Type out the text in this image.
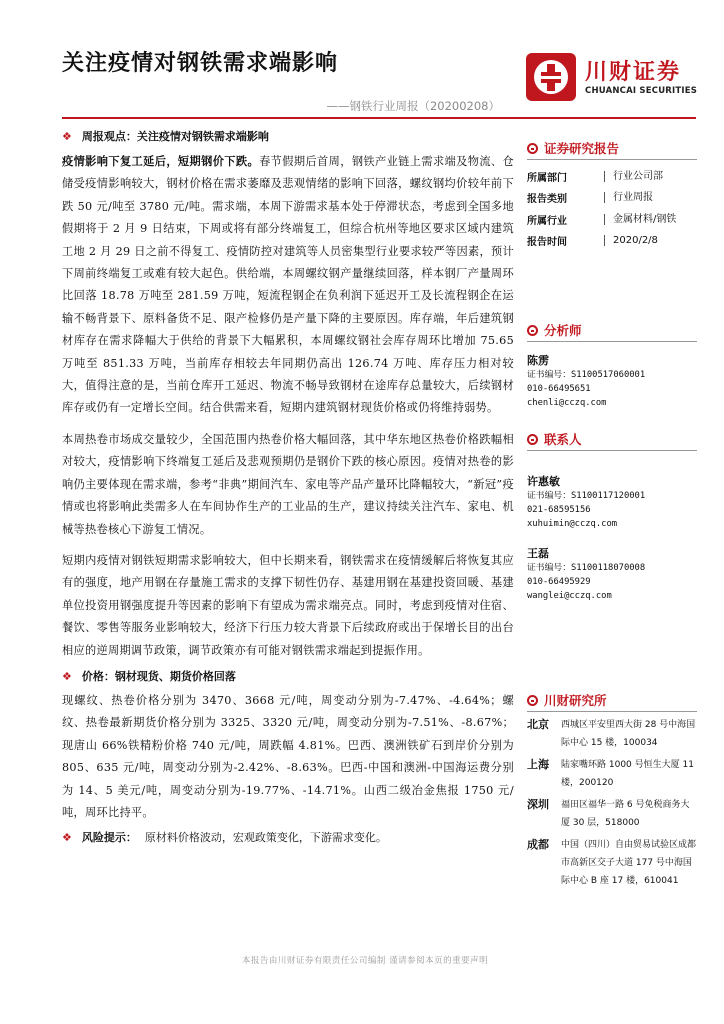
关注疫情对钢铁需求端影响
——钢铁行业周报（20200208）
川财证券
CHUANCAI SECURITIES
❖ 周报观点：关注疫情对钢铁需求端影响

疫情影响下复工延后，短期钢价下跌。春节假期后首周，钢铁产业链上需求端及物流、仓储受疫情影响较大，钢材价格在需求萎靡及悲观情绪的影响下回落，螺纹钢均价较年前下跌 50 元/吨至 3780 元/吨。需求端，本周下游需求基本处于停滞状态，考虑到全国多地假期将于 2 月 9 日结束，下周或将有部分终端复工，但综合杭州等地区要求区域内建筑工地 2 月 29 日之前不得复工、疫情防控对建筑等人员密集型行业要求较严等因素，预计下周前终端复工或难有较大起色。供给端，本周螺纹钢产量继续回落，样本钢厂产量周环比回落 18.78 万吨至 281.59 万吨，短流程钢企在负利润下延迟开工及长流程钢企在运输不畅背景下、原料备货不足、限产检修仍是产量下降的主要原因。库存端，年后建筑钢材库存在需求降幅大于供给的背景下大幅累积，本周螺纹钢社会库存周环比增加 75.65 万吨至 851.33 万吨，当前库存相较去年同期仍高出 126.74 万吨、库存压力相对较大，值得注意的是，当前仓库开工延迟、物流不畅导致钢材在途库存总量较大，后续钢材库存或仍有一定增长空间。结合供需来看，短期内建筑钢材现货价格或仍将维持弱势。

本周热卷市场成交量较少，全国范围内热卷价格大幅回落，其中华东地区热卷价格跌幅相对较大，疫情影响下终端复工延后及悲观预期仍是钢价下跌的核心原因。疫情对热卷的影响仍主要体现在需求端，参考“非典”期间汽车、家电等产品产量环比降幅较大，“新冠”疫情或也将影响此类需多人在车间协作生产的工业品的生产，建议持续关注汽车、家电、机械等热卷核心下游复工情况。

短期内疫情对钢铁短期需求影响较大，但中长期来看，钢铁需求在疫情缓解后将恢复其应有的强度，地产用钢在存量施工需求的支撑下韧性仍存、基建用钢在基建投资回暖、基建单位投资用钢强度提升等因素的影响下有望成为需求端亮点。同时，考虑到疫情对住宿、餐饮、零售等服务业影响较大，经济下行压力较大背景下后续政府或出于保增长目的出台相应的逆周期调节政策，调节政策亦有可能对钢铁需求端起到提振作用。

❖ 价格：钢材现货、期货价格回落

现螺纹、热卷价格分别为 3470、3668 元/吨，周变动分别为-7.47%、-4.64%；螺纹、热卷最新期货价格分别为 3325、3320 元/吨，周变动分别为-7.51%、-8.67%；现唐山 66%铁精粉价格 740 元/吨，周跌幅 4.81%。巴西、澳洲铁矿石到岸价分别为 805、635 元/吨，周变动分别为-2.42%、-8.63%。巴西-中国和澳洲-中国海运费分别为 14、5 美元/吨，周变动分别为-19.77%、-14.71%。山西二级冶金焦报 1750 元/吨，周环比持平。

❖ 风险提示： 原材料价格波动，宏观政策变化，下游需求变化。
证券研究报告
所属部门	行业公司部
报告类别	行业周报
所属行业	金属材料/钢铁
报告时间	2020/2/8
分析师
陈雳
证书编号：S1100517060001
010-66495651
chenli@cczq.com
联系人
许惠敏
证书编号：S1100117120001
021-68595156
xuhuimin@cczq.com
王磊
证书编号：S1100118070008
010-66495929
wanglei@cczq.com
川财研究所
北京	西城区平安里西大街 28 号中海国际中心 15 楼，100034
上海	陆家嘴环路 1000 号恒生大厦 11 楼，200120
深圳	福田区福华一路 6 号免税商务大厦 30 层，518000
成都	中国（四川）自由贸易试验区成都市高新区交子大道 177 号中海国际中心 B 座 17 楼，610041
本报告由川财证券有限责任公司编制 谨请参阅本页的重要声明
